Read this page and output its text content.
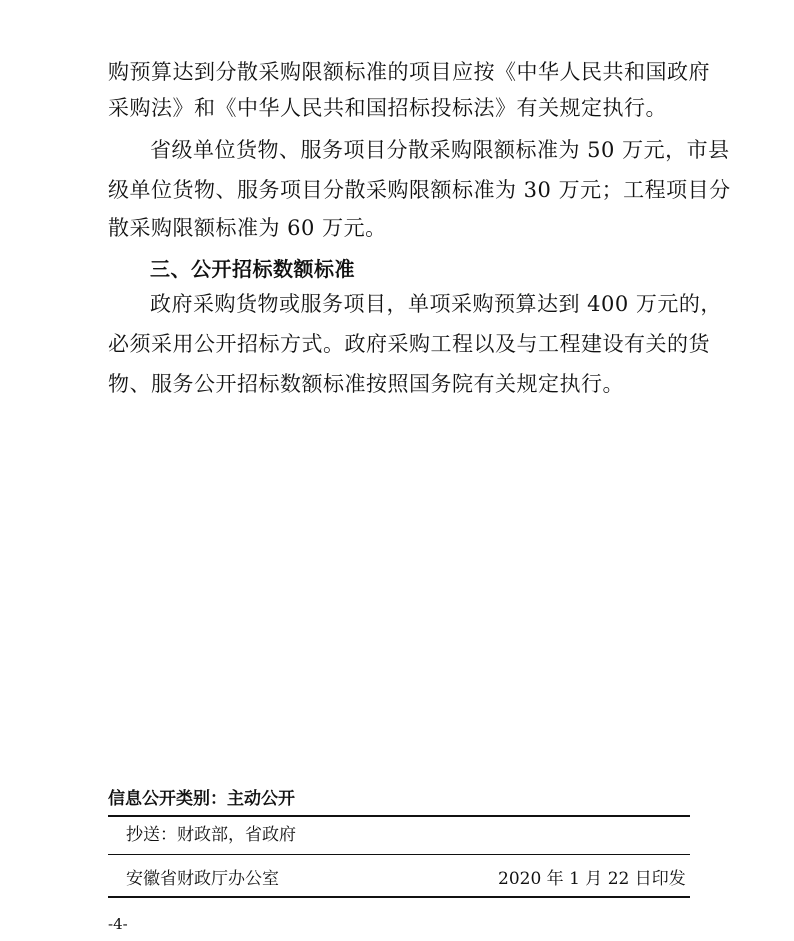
购预算达到分散采购限额标准的项目应按《中华人民共和国政府
采购法》和《中华人民共和国招标投标法》有关规定执行。
省级单位货物、服务项目分散采购限额标准为 50 万元，市县
级单位货物、服务项目分散采购限额标准为 30 万元；工程项目分
散采购限额标准为 60 万元。
三、公开招标数额标准
政府采购货物或服务项目，单项采购预算达到 400 万元的，
必须采用公开招标方式。政府采购工程以及与工程建设有关的货
物、服务公开招标数额标准按照国务院有关规定执行。
信息公开类别：主动公开
抄送：财政部，省政府
安徽省财政厅办公室	2020 年 1 月 22 日印发
-4-
